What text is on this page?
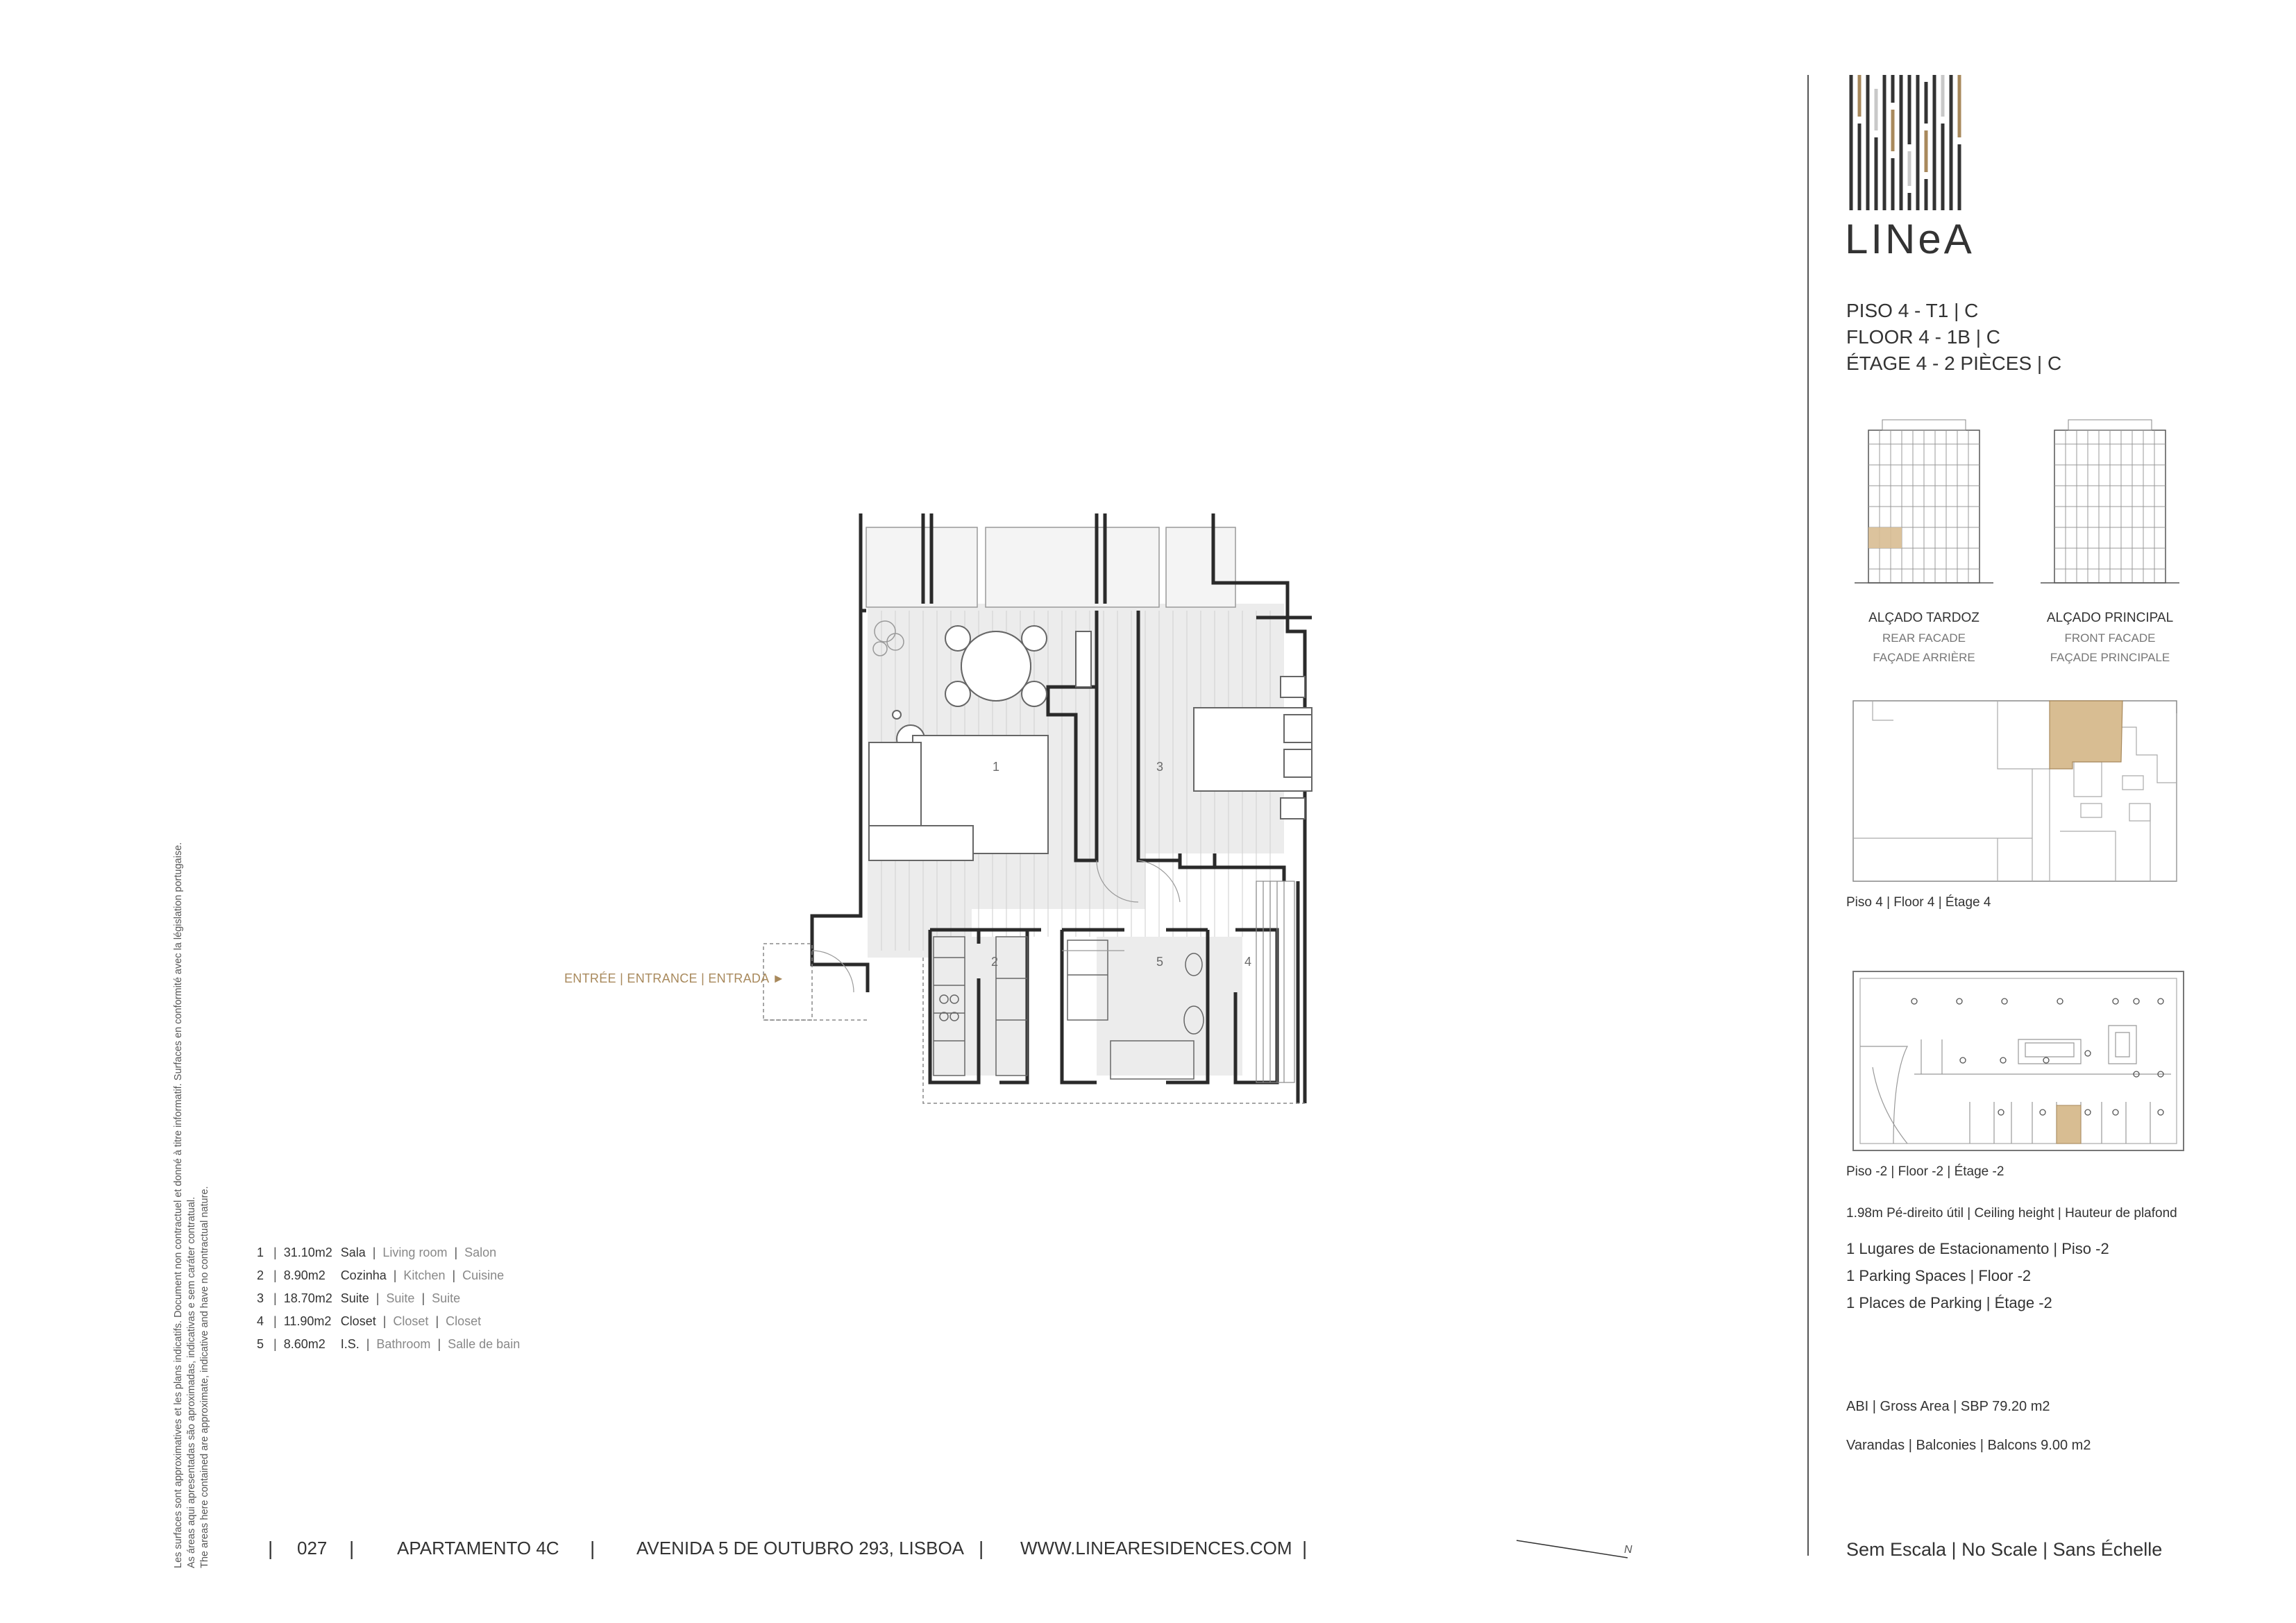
1
2
3
4
5
ENTRÉE | ENTRANCE | ENTRADA ►
N
1 | 31.10m2 Sala | Living room | Salon
2 | 8.90m2 Cozinha | Kitchen | Cuisine
3 | 18.70m2 Suite | Suite | Suite
4 | 11.90m2 Closet | Closet | Closet
5 | 8.60m2 I.S. | Bathroom | Salle de bain
Les surfaces sont approximatives et les plans indicatifs. Document non contractuel et donné à titre informatif. Surfaces en conformité avec la législation portugaise. As áreas aqui apresentadas são aproximadas, indicativas e sem caráter contratual. The areas here contained are approximate, indicative and have no contractual nature.	| 027 | APARTAMENTO 4C | AVENIDA 5 DE OUTUBRO 293, LISBOA | WWW.LINEARESIDENCES.COM |
LINeA
PISO 4 - T1 | C
FLOOR 4 - 1B | C
ÉTAGE 4 - 2 PIÈCES | C
ALÇADO TARDOZ
REAR FACADE
FAÇADE ARRIÈRE
ALÇADO PRINCIPAL
FRONT FACADE
FAÇADE PRINCIPALE
Piso 4 | Floor 4 | Étage 4
Piso -2 | Floor -2 | Étage -2
1.98m Pé-direito útil | Ceiling height | Hauteur de plafond
1 Lugares de Estacionamento | Piso -2
1 Parking Spaces | Floor -2
1 Places de Parking | Étage -2
ABI | Gross Area | SBP 79.20 m2
Varandas | Balconies | Balcons 9.00 m2
Sem Escala | No Scale | Sans Échelle
